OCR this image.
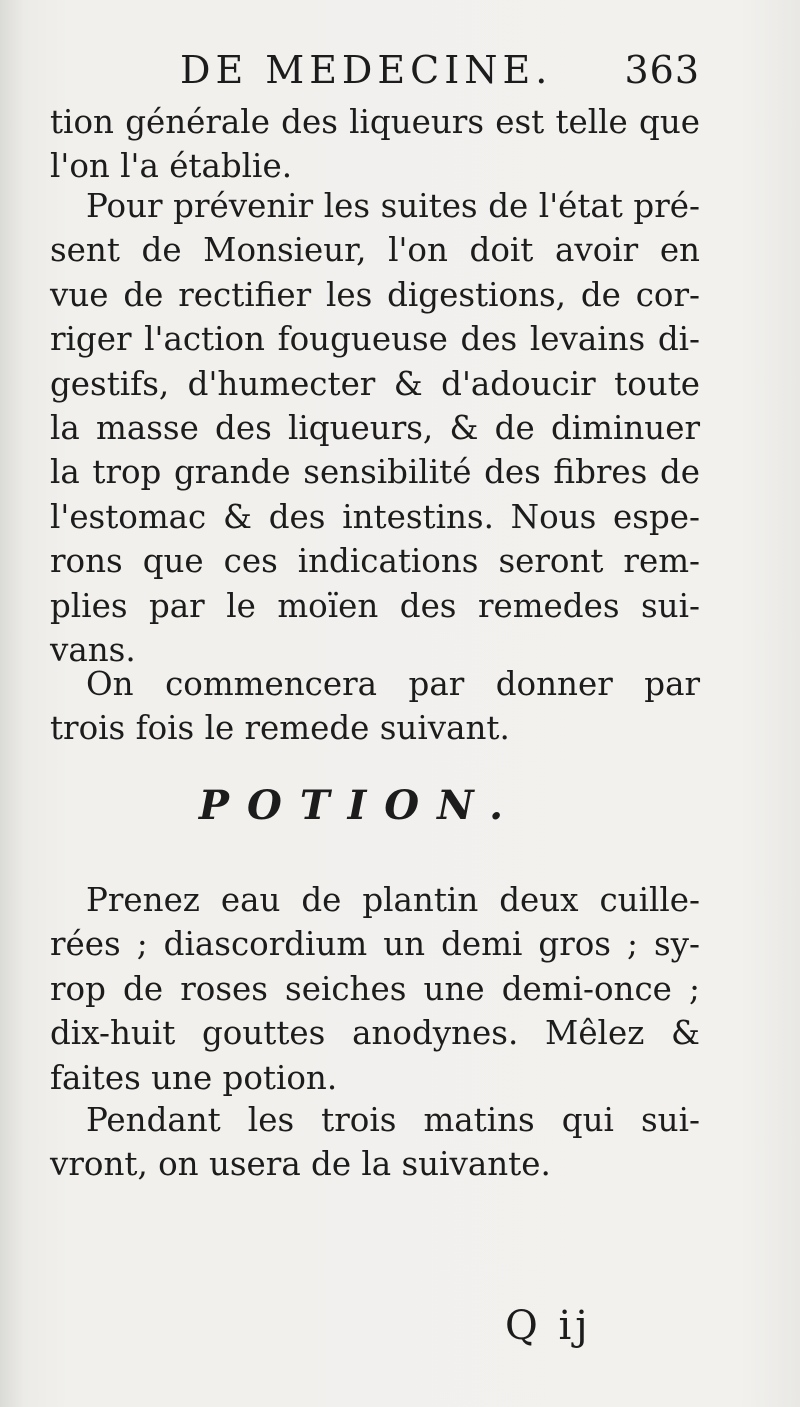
DE MEDECINE. 363
tion générale des liqueurs est telle que
l'on l'a établie.
Pour prévenir les suites de l'état pré-
sent de Monsieur, l'on doit avoir en
vue de rectifier les digestions, de cor-
riger l'action fougueuse des levains di-
gestifs, d'humecter & d'adoucir toute
la masse des liqueurs, & de diminuer
la trop grande sensibilité des fibres de
l'estomac & des intestins. Nous espe-
rons que ces indications seront rem-
plies par le moïen des remedes sui-
vans.
On commencera par donner par
trois fois le remede suivant.
POTION.
Prenez eau de plantin deux cuille-
rées ; diascordium un demi gros ; sy-
rop de roses seiches une demi-once ;
dix-huit gouttes anodynes. Mêlez &
faites une potion.
Pendant les trois matins qui sui-
vront, on usera de la suivante.
Q ij
